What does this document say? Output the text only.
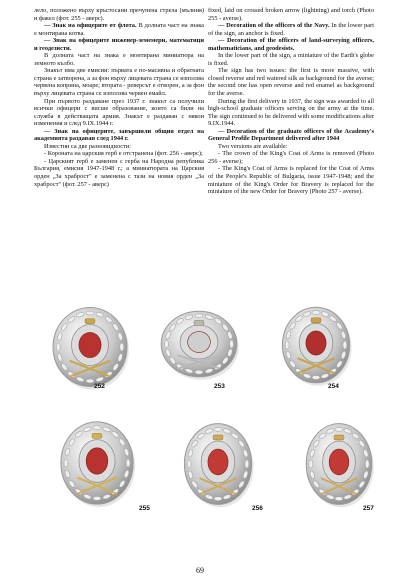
лело, положено върху кръстосани пречупена стрела (мълния) и факел (фот. 255 - аверс).

— Знак на офицерите от флота. В долната част на знака е монтирана котва.

— Знак на офицерите инженер-земемери, математици и геодезисти.

В долната част на знака е монтирана миниатюра на земното кълбо.

Знакът има две емисии: първата е по-масивна и обратната страна е затворена, а за фон върху лицевата страна се използва червена коприна, моаре; втората - реверсът е отворен, а за фон върху лицевата страна се използва червен емайл.

При първото раздаване през 1937 г. знакът са получили всички офицери с висше образование, които са били на служба в действащата армия. Знакът е раздаван с някои изменения и след 9.IX.1944 г.

— Знак на офицерите, завършили общия отдел на академията раздаван след 1944 г.

Известни са две разновидности:

- Короната на царския герб е отстранена (фот. 256 - аверс);

- Царският герб е заменен с герба на Народна република България, емисия 1947-1948 г.; а миниатюрата на Царския орден „За храброст" е заменена с тази на новия орден „За храброст" (фот. 257 - аверс)

fixed, laid on crossed broken arrow (lightning) and torch (Photo 255 - averse).

— Decoration of the officers of the Navy. In the lower part of the sign, an anchor is fixed.

— Decoration of the officers of land-surveying officers, mathematicians, and geodesists.

In the lower part of the sign, a miniature of the Earth's globe is fixed.

The sign has two issues: the first is more massive, with closed reverse and red watered silk as background for the averse; the second one has open reverse and red enamel as background for the averse.

During the first delivery in 1937, the sign was awarded to all high-school graduate officers serving on the army at the time. The sign continued to be delivered with some modifications after 9.IX.1944.

— Decoration of the graduate officers of the Academy's General Profile Department delivered after 1944

Two versions are available:

- The crown of the King's Coat of Arms is removed (Photo 256 - averse);

- The King's Coat of Arms is replaced for the Coat of Arms of the People's Republic of Bulgaria, issue 1947-1948; and the miniature of the King's Order for Bravery is replaced for the miniature of the new Order for Bravery (Photo 257 - averse).

252	253	254
255	256	257
69
